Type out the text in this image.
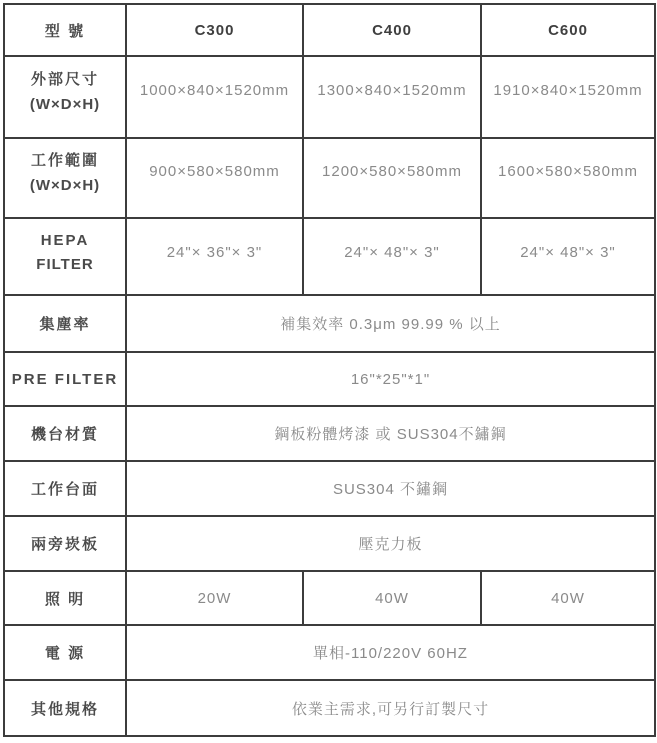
型 號	C300	C400	C600

外部尺寸
(W×D×H)	1000×840×1520mm	1300×840×1520mm	1910×840×1520mm

工作範圍
(W×D×H)	900×580×580mm	1200×580×580mm	1600×580×580mm

HEPA
FILTER	24"× 36"× 3"	24"× 48"× 3"	24"× 48"× 3"

集塵率	補集效率 0.3μm 99.99 % 以上		

PRE FILTER	16"*25"*1"		

機台材質	鋼板粉體烤漆 或 SUS304不鏽鋼		

工作台面	SUS304 不鏽鋼		

兩旁崁板	壓克力板		

照 明	20W	40W	40W

電 源	單相-110/220V 60HZ		

其他規格	依業主需求,可另行訂製尺寸		
